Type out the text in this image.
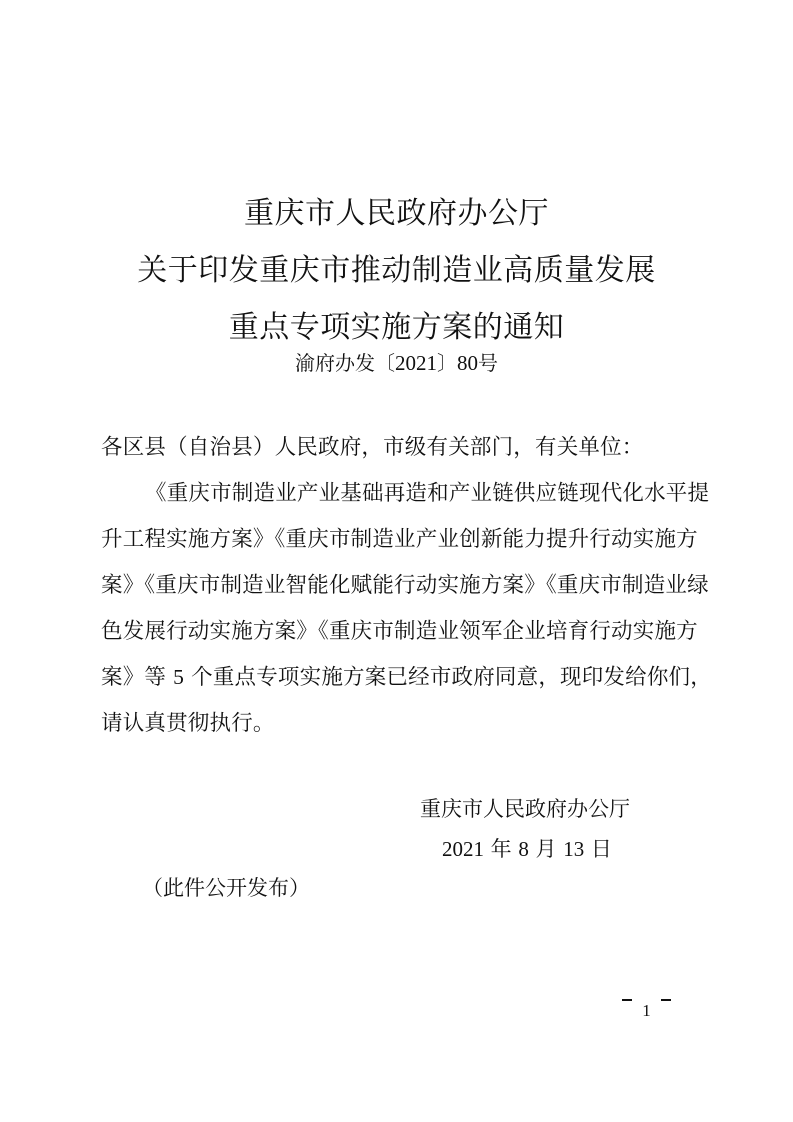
重庆市人民政府办公厅
关于印发重庆市推动制造业高质量发展
重点专项实施方案的通知
渝府办发〔2021〕80号
各区县（自治县）人民政府，市级有关部门，有关单位：
《重庆市制造业产业基础再造和产业链供应链现代化水平提
升工程实施方案》《重庆市制造业产业创新能力提升行动实施方
案》《重庆市制造业智能化赋能行动实施方案》《重庆市制造业绿
色发展行动实施方案》《重庆市制造业领军企业培育行动实施方
案》等 5 个重点专项实施方案已经市政府同意，现印发给你们，
请认真贯彻执行。
重庆市人民政府办公厅
2021 年 8 月 13 日
（此件公开发布）
1
